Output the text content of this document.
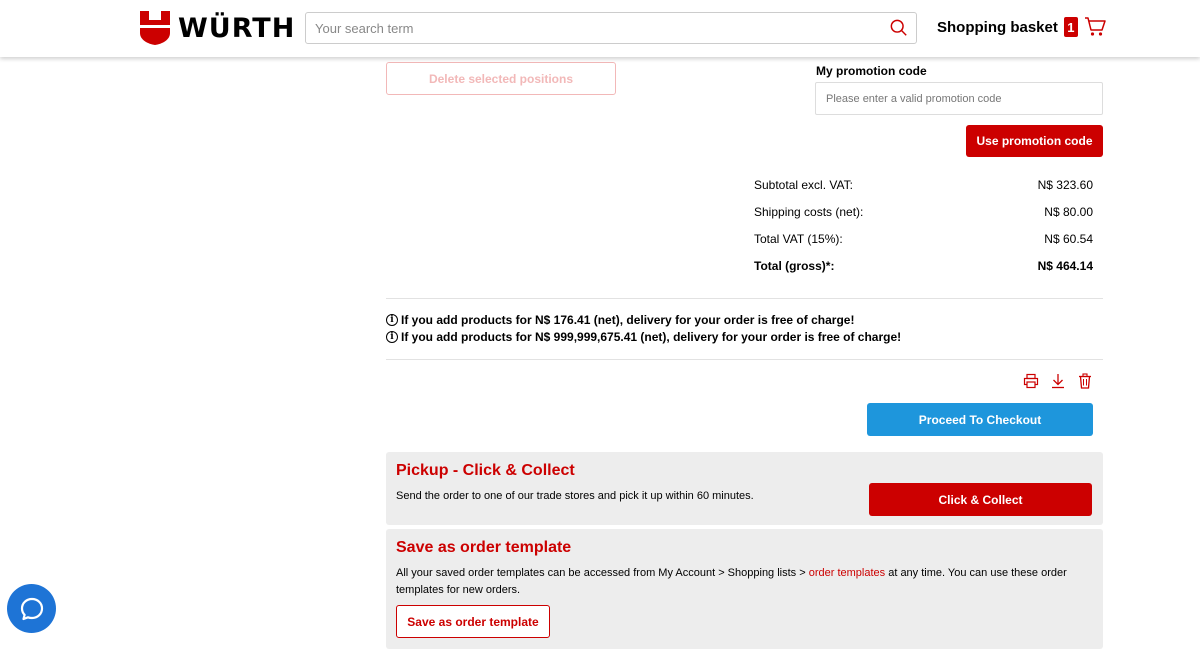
WÜRTH
Your search term	Shopping basket 1
Delete selected positions
My promotion code
Please enter a valid promotion code
Use promotion code
Subtotal excl. VAT:	N$ 323.60
Shipping costs (net):	N$ 80.00
Total VAT (15%):	N$ 60.54
Total (gross)*:	N$ 464.14
i If you add products for N$ 176.41 (net), delivery for your order is free of charge!
i If you add products for N$ 999,999,675.41 (net), delivery for your order is free of charge!
Proceed To Checkout
Pickup - Click & Collect
Send the order to one of our trade stores and pick it up within 60 minutes.	Click & Collect
Save as order template
All your saved order templates can be accessed from My Account > Shopping lists > order templates at any time. You can use these order templates for new orders.
Save as order template
